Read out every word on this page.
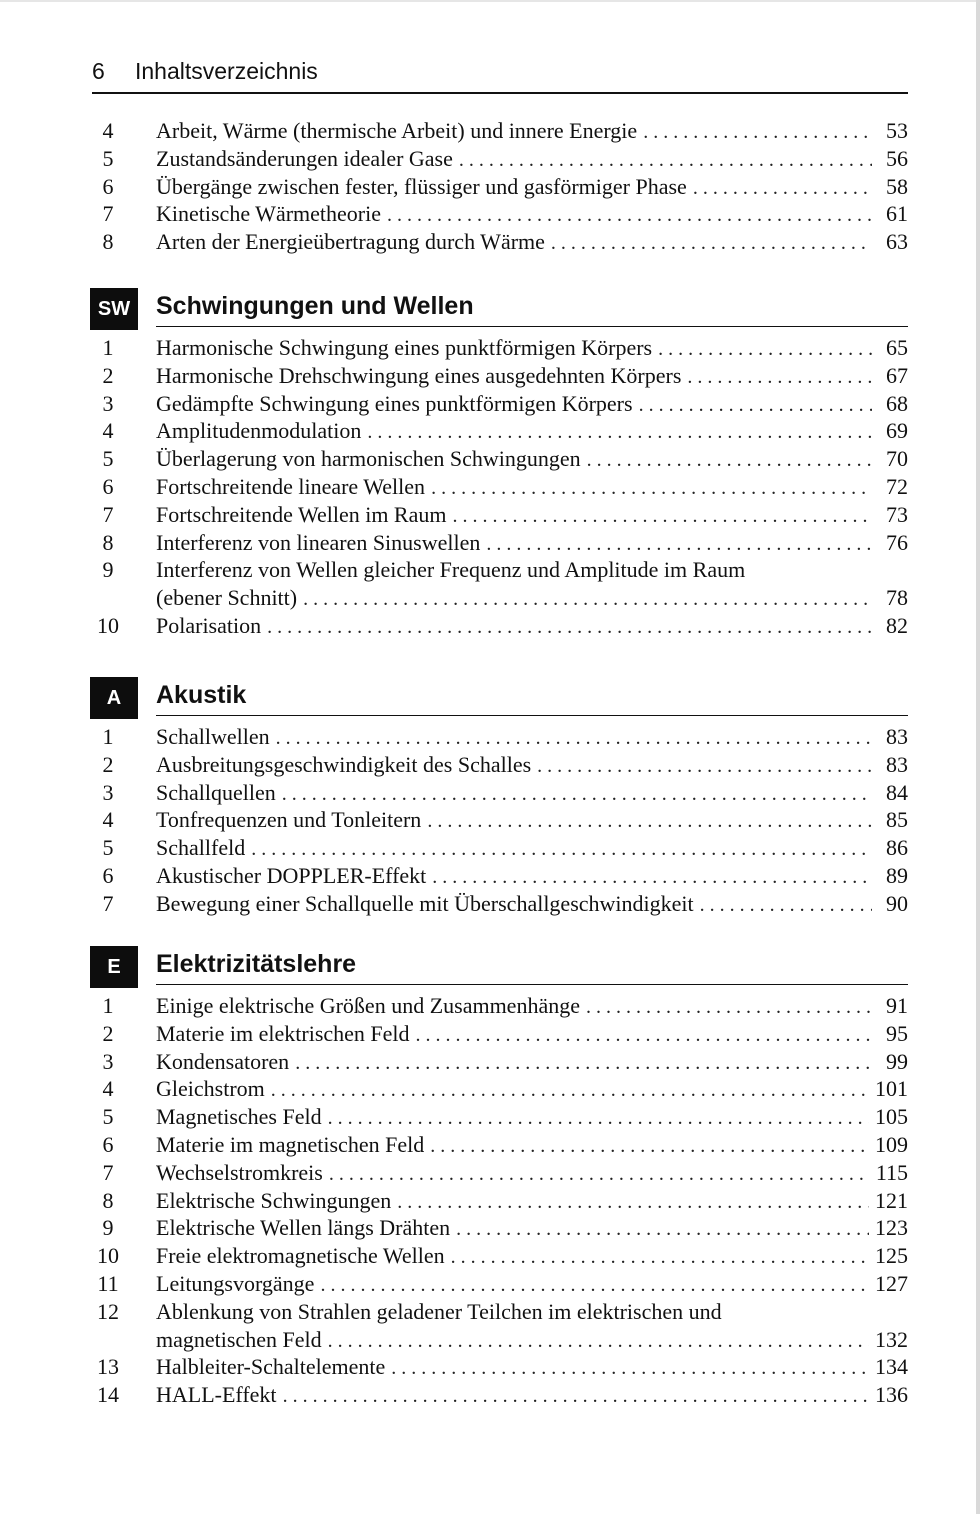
6 Inhaltsverzeichnis
4	Arbeit, Wärme (thermische Arbeit) und innere Energie . . .	53
5	Zustandsänderungen idealer Gase . . .	56
6	Übergänge zwischen fester, flüssiger und gasförmiger Phase . . .	58
7	Kinetische Wärmetheorie . . .	61
8	Arten der Energieübertragung durch Wärme . . .	63
SW	Schwingungen und Wellen
1	Harmonische Schwingung eines punktförmigen Körpers . . .	65
2	Harmonische Drehschwingung eines ausgedehnten Körpers . . .	67
3	Gedämpfte Schwingung eines punktförmigen Körpers . . .	68
4	Amplitudenmodulation . . .	69
5	Überlagerung von harmonischen Schwingungen . . .	70
6	Fortschreitende lineare Wellen . . .	72
7	Fortschreitende Wellen im Raum . . .	73
8	Interferenz von linearen Sinuswellen . . .	76
9	Interferenz von Wellen gleicher Frequenz und Amplitude im Raum
(ebener Schnitt) . . .	78
10	Polarisation . . .	82
A	Akustik
1	Schallwellen . . .	83
2	Ausbreitungsgeschwindigkeit des Schalles . . .	83
3	Schallquellen . . .	84
4	Tonfrequenzen und Tonleitern . . .	85
5	Schallfeld . . .	86
6	Akustischer DOPPLER-Effekt . . .	89
7	Bewegung einer Schallquelle mit Überschallgeschwindigkeit . . .	90
E	Elektrizitätslehre
1	Einige elektrische Größen und Zusammenhänge . . .	91
2	Materie im elektrischen Feld . . .	95
3	Kondensatoren . . .	99
4	Gleichstrom . . .	101
5	Magnetisches Feld . . .	105
6	Materie im magnetischen Feld . . .	109
7	Wechselstromkreis . . .	115
8	Elektrische Schwingungen . . .	121
9	Elektrische Wellen längs Drähten . . .	123
10	Freie elektromagnetische Wellen . . .	125
11	Leitungsvorgänge . . .	127
12	Ablenkung von Strahlen geladener Teilchen im elektrischen und
magnetischen Feld . . .	132
13	Halbleiter-Schaltelemente . . .	134
14	HALL-Effekt . . .	136
